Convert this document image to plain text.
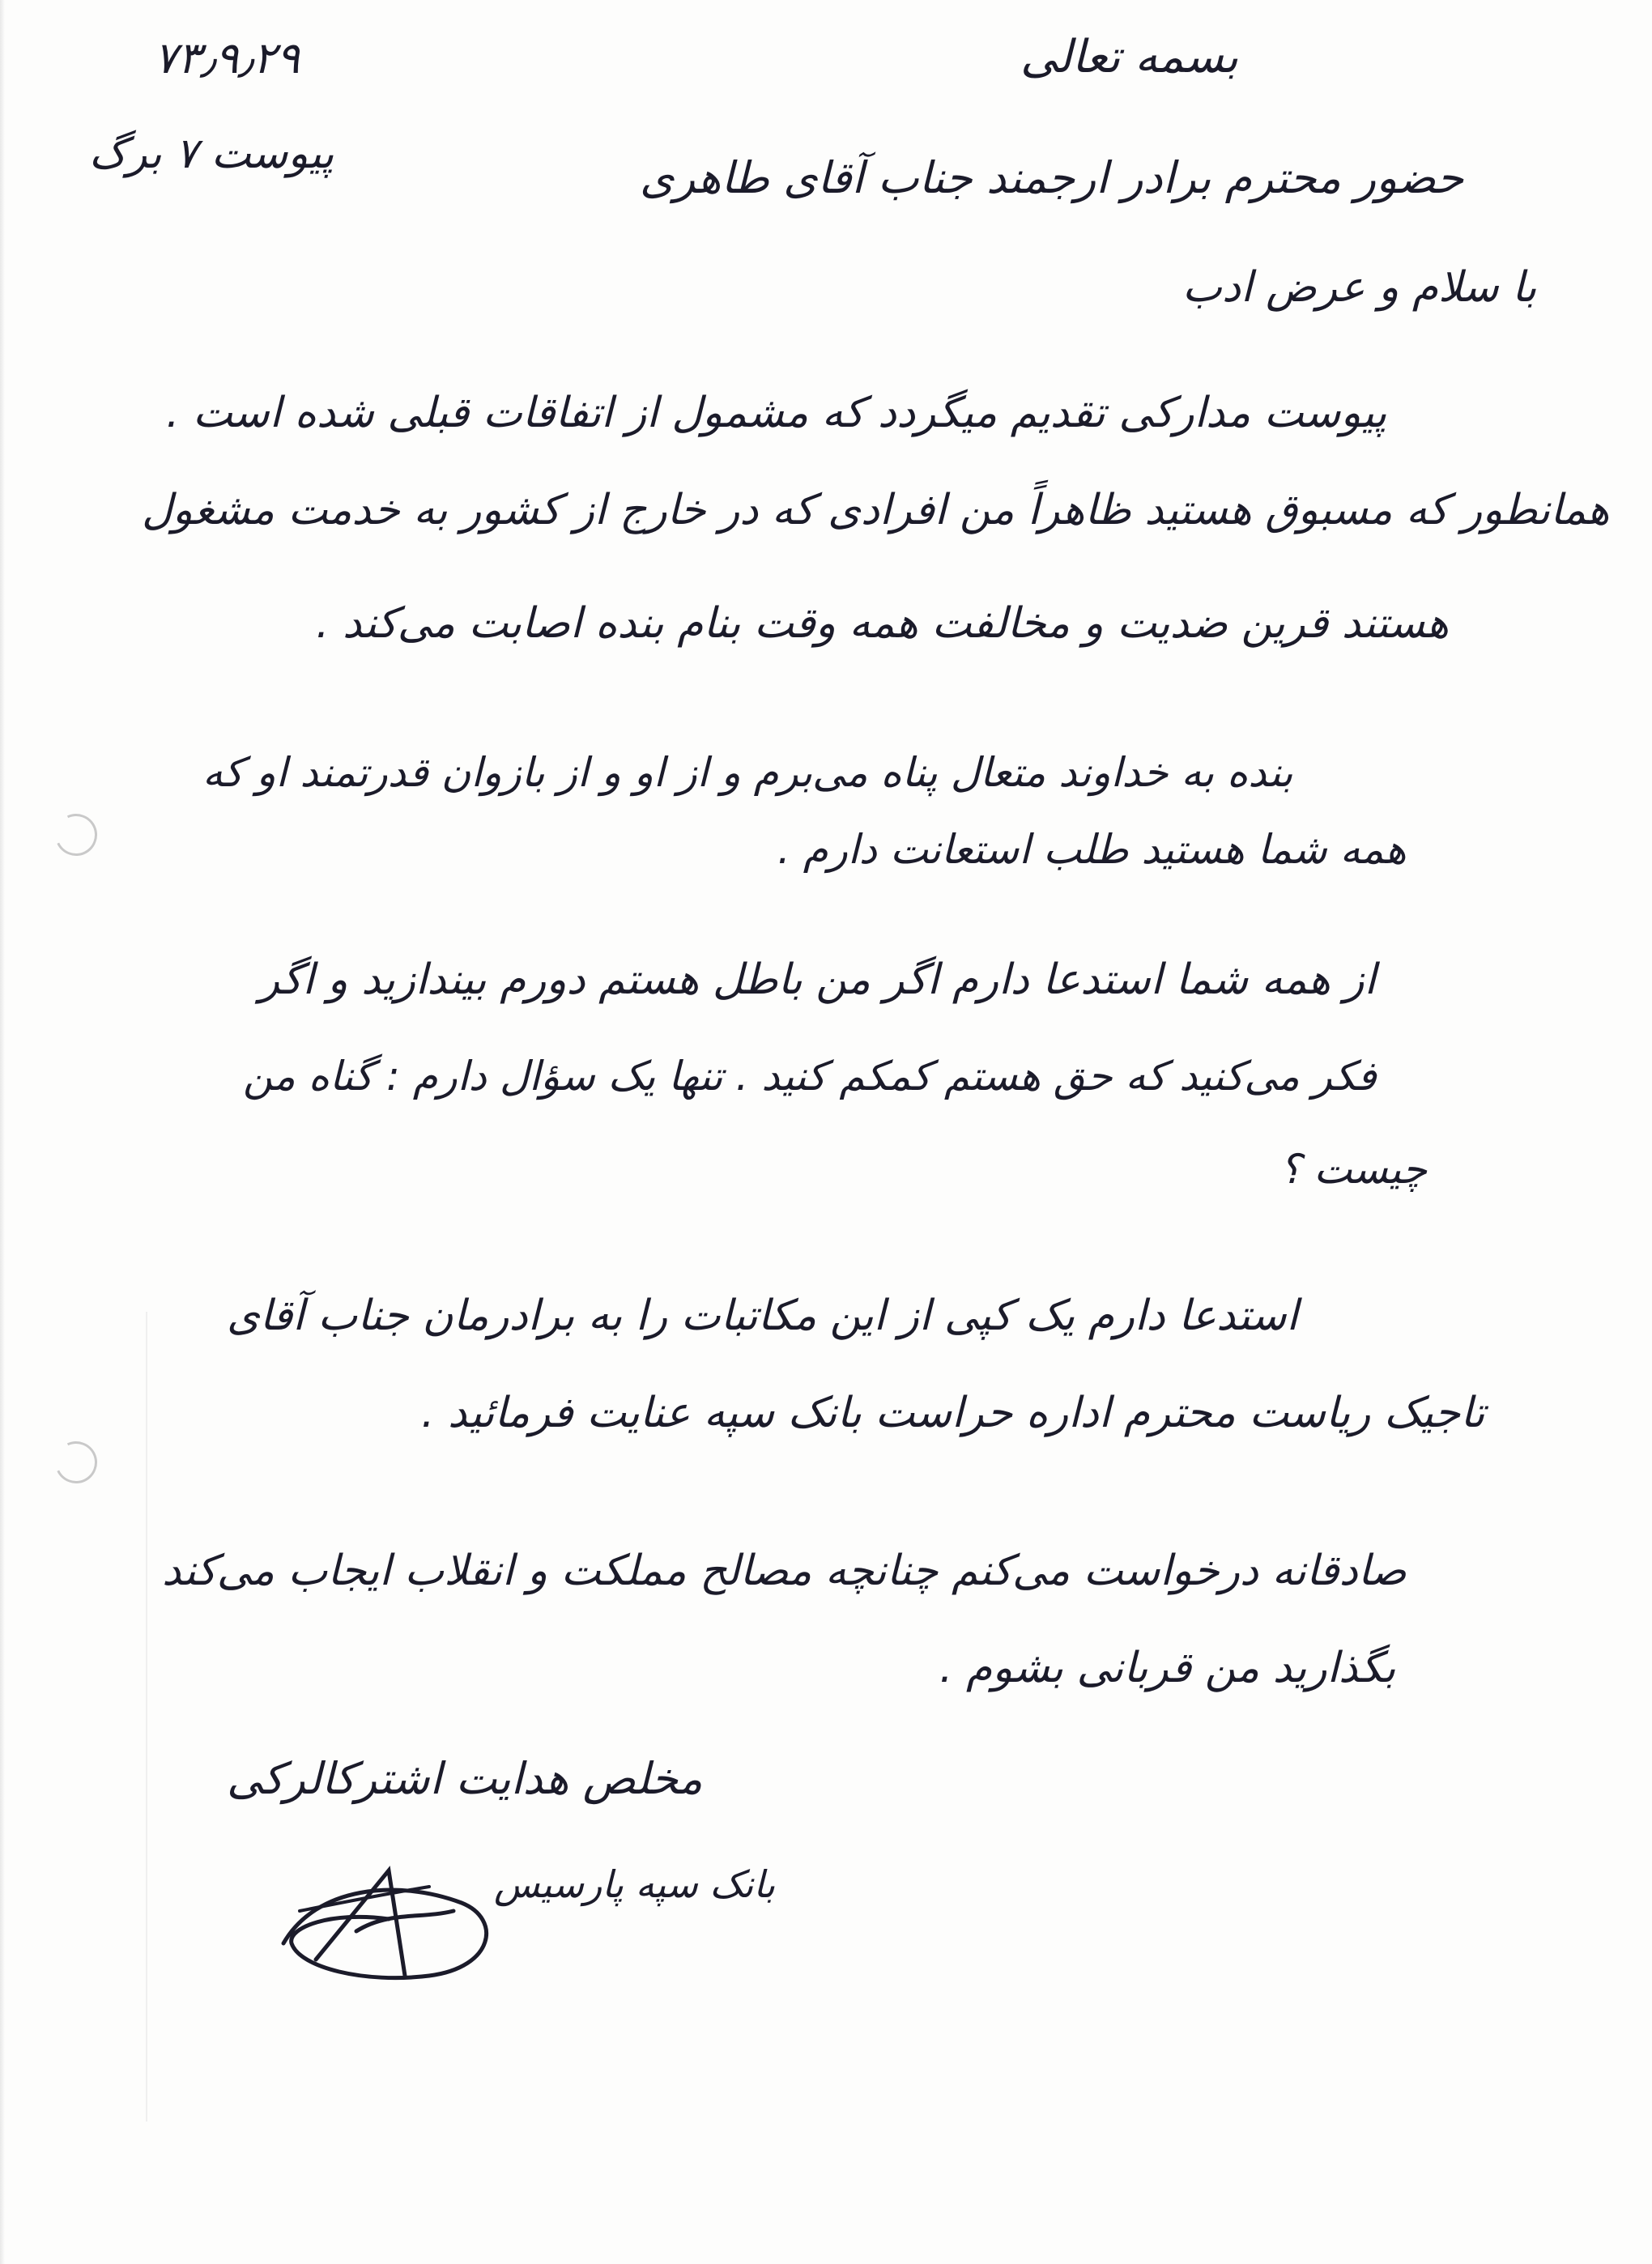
۷۳٫۹٫۲۹
پیوست ۷ برگ
بسمه تعالی
حضور محترم برادر ارجمند جناب آقای طاهری
با سلام و عرض ادب
پیوست مدارکی تقدیم میگردد که مشمول از اتفاقات قبلی شده است .
همانطور که مسبوق هستید ظاهراً من افرادی که در خارج از کشور به خدمت مشغول
هستند قرین ضدیت و مخالفت همه وقت بنام بنده اصابت می‌کند .
بنده به خداوند متعال پناه می‌برم و از او و از بازوان قدرتمند او که
همه شما هستید طلب استعانت دارم .
از همه شما استدعا دارم اگر من باطل هستم دورم بیندازید و اگر
فکر می‌کنید که حق هستم کمکم کنید . تنها یک سؤال دارم : گناه من
چیست ؟
استدعا دارم یک کپی از این مکاتبات را به برادرمان جناب آقای
تاجیک ریاست محترم اداره حراست بانک سپه عنایت فرمائید .
صادقانه درخواست می‌کنم چنانچه مصالح مملکت و انقلاب ایجاب می‌کند
بگذارید من قربانی بشوم .
مخلص هدایت اشترکالرکی
بانک سپه پارسیس
